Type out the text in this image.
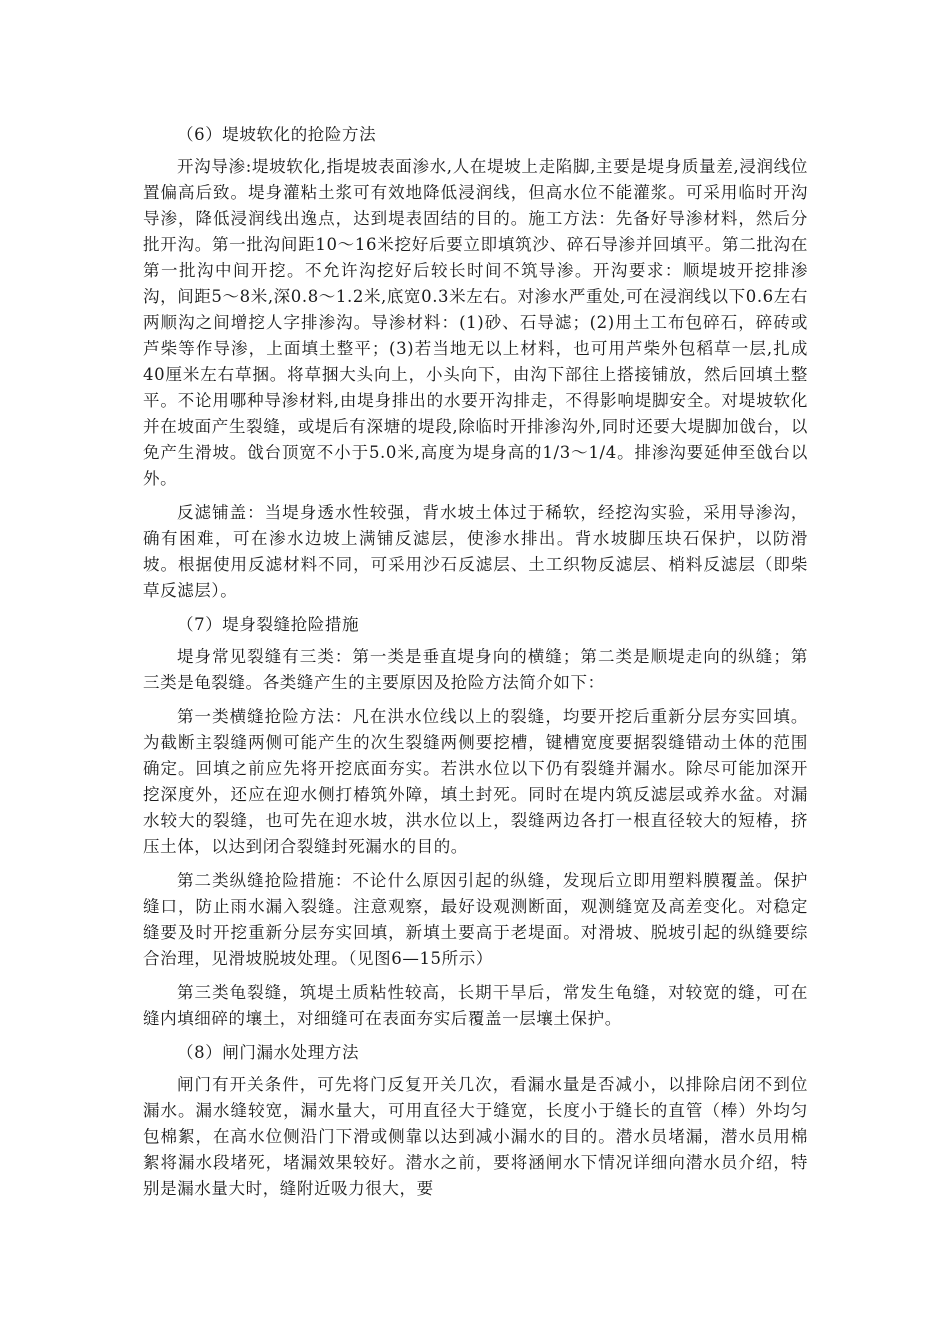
（6）堤坡软化的抢险方法

开沟导渗:堤坡软化,指堤坡表面渗水,人在堤坡上走陷脚,主要是堤身质量差,浸润线位置偏高后致。堤身灌粘土浆可有效地降低浸润线，但高水位不能灌浆。可采用临时开沟导渗，降低浸润线出逸点，达到堤表固结的目的。施工方法：先备好导渗材料，然后分批开沟。第一批沟间距10～16米挖好后要立即填筑沙、碎石导渗并回填平。第二批沟在第一批沟中间开挖。不允许沟挖好后较长时间不筑导渗。开沟要求：顺堤坡开挖排渗沟，间距5～8米,深0.8～1.2米,底宽0.3米左右。对渗水严重处,可在浸润线以下0.6左右两顺沟之间增挖人字排渗沟。导渗材料：(1)砂、石导滤；(2)用土工布包碎石，碎砖或芦柴等作导渗，上面填土整平；(3)若当地无以上材料，也可用芦柴外包稻草一层,扎成40厘米左右草捆。将草捆大头向上，小头向下，由沟下部往上搭接铺放，然后回填土整平。不论用哪种导渗材料,由堤身排出的水要开沟排走，不得影响堤脚安全。对堤坡软化并在坡面产生裂缝，或堤后有深塘的堤段,除临时开排渗沟外,同时还要大堤脚加戗台，以免产生滑坡。戗台顶宽不小于5.0米,高度为堤身高的1/3～1/4。排渗沟要延伸至戗台以外。

反滤铺盖：当堤身透水性较强，背水坡土体过于稀软，经挖沟实验，采用导渗沟，确有困难，可在渗水边坡上满铺反滤层，使渗水排出。背水坡脚压块石保护，以防滑坡。根据使用反滤材料不同，可采用沙石反滤层、土工织物反滤层、梢料反滤层（即柴草反滤层）。

（7）堤身裂缝抢险措施

堤身常见裂缝有三类：第一类是垂直堤身向的横缝；第二类是顺堤走向的纵缝；第三类是龟裂缝。各类缝产生的主要原因及抢险方法简介如下：

第一类横缝抢险方法：凡在洪水位线以上的裂缝，均要开挖后重新分层夯实回填。为截断主裂缝两侧可能产生的次生裂缝两侧要挖槽，键槽宽度要据裂缝错动土体的范围确定。回填之前应先将开挖底面夯实。若洪水位以下仍有裂缝并漏水。除尽可能加深开挖深度外，还应在迎水侧打椿筑外障，填土封死。同时在堤内筑反滤层或养水盆。对漏水较大的裂缝，也可先在迎水坡，洪水位以上，裂缝两边各打一根直径较大的短椿，挤压土体，以达到闭合裂缝封死漏水的目的。

第二类纵缝抢险措施：不论什么原因引起的纵缝，发现后立即用塑料膜覆盖。保护缝口，防止雨水漏入裂缝。注意观察，最好设观测断面，观测缝宽及高差变化。对稳定缝要及时开挖重新分层夯实回填，新填土要高于老堤面。对滑坡、脱坡引起的纵缝要综合治理，见滑坡脱坡处理。（见图6—15所示）

第三类龟裂缝，筑堤土质粘性较高，长期干旱后，常发生龟缝，对较宽的缝，可在缝内填细碎的壤土，对细缝可在表面夯实后覆盖一层壤土保护。

（8）闸门漏水处理方法

闸门有开关条件，可先将门反复开关几次，看漏水量是否减小，以排除启闭不到位漏水。漏水缝较宽，漏水量大，可用直径大于缝宽，长度小于缝长的直管（棒）外均匀包棉絮，在高水位侧沿门下滑或侧靠以达到减小漏水的目的。潜水员堵漏，潜水员用棉絮将漏水段堵死，堵漏效果较好。潜水之前，要将涵闸水下情况详细向潜水员介绍，特别是漏水量大时，缝附近吸力很大，要
